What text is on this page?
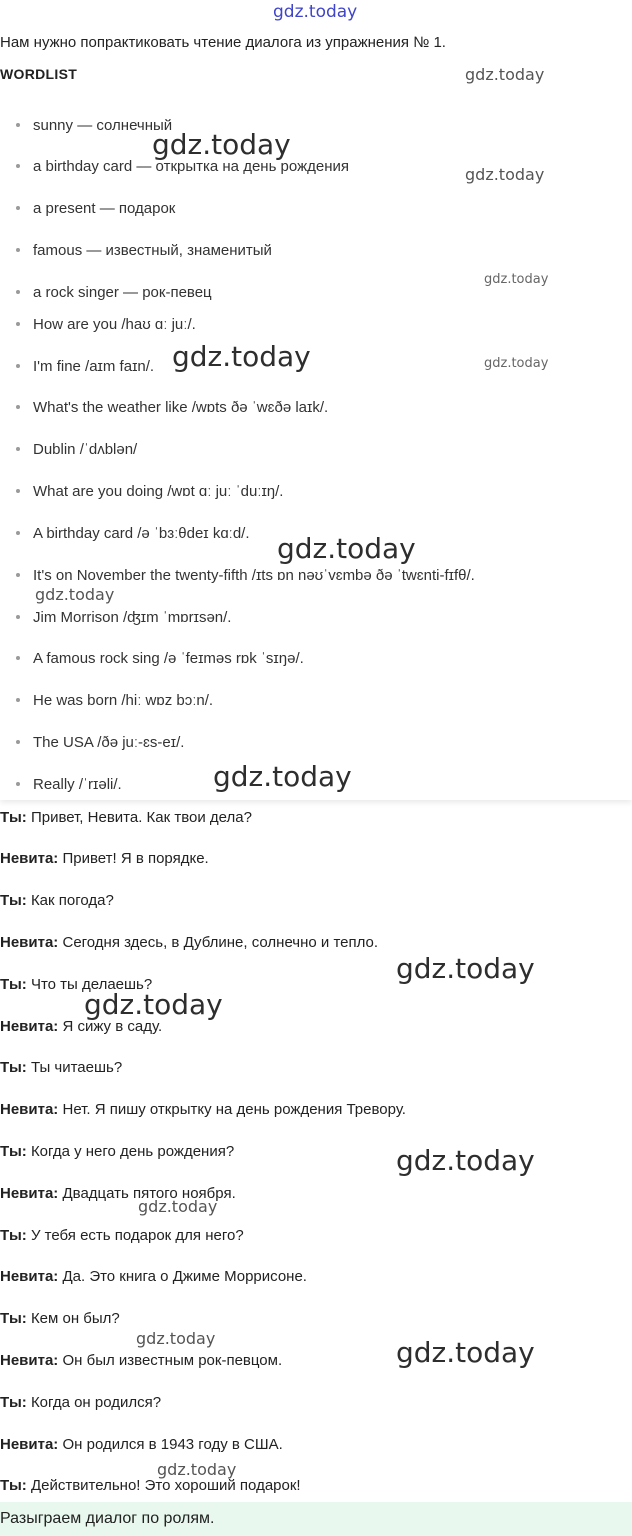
gdz.today
Нам нужно попрактиковать чтение диалога из упражнения № 1.
WORDLIST
sunny — солнечный
a birthday card — открытка на день рождения
a present — подарок
famous — известный, знаменитый
a rock singer — рок-певец
How are you /haʊ ɑː juː/.
I'm fine /aɪm faɪn/.
What's the weather like /wɒts ðə ˈwɛðə laɪk/.
Dublin /ˈdʌblən/
What are you doing /wɒt ɑː juː ˈduːɪŋ/.
A birthday card /ə ˈbɜːθdeɪ kɑːd/.
It's on November the twenty-fifth /ɪts ɒn nəʊˈvɛmbə ðə ˈtwɛnti-fɪfθ/.
Jim Morrison /ʤɪm ˈmɒrɪsən/.
A famous rock sing /ə ˈfeɪməs rɒk ˈsɪŋə/.
He was born /hiː wɒz bɔːn/.
The USA /ðə juː-ɛs-eɪ/.
Really /ˈrɪəli/.
Ты: Привет, Невита. Как твои дела?
Невита: Привет! Я в порядке.
Ты: Как погода?
Невита: Сегодня здесь, в Дублине, солнечно и тепло.
Ты: Что ты делаешь?
Невита: Я сижу в саду.
Ты: Ты читаешь?
Невита: Нет. Я пишу открытку на день рождения Тревору.
Ты: Когда у него день рождения?
Невита: Двадцать пятого ноября.
Ты: У тебя есть подарок для него?
Невита: Да. Это книга о Джиме Моррисоне.
Ты: Кем он был?
Невита: Он был известным рок-певцом.
Ты: Когда он родился?
Невита: Он родился в 1943 году в США.
Ты: Действительно! Это хороший подарок!
Разыграем диалог по ролям.
gdz.today
gdz.today
gdz.today
gdz.today
gdz.today	gdz.today
gdz.today
gdz.today
gdz.today
gdz.today
gdz.today
gdz.today
gdz.today
gdz.today	gdz.today
gdz.today
